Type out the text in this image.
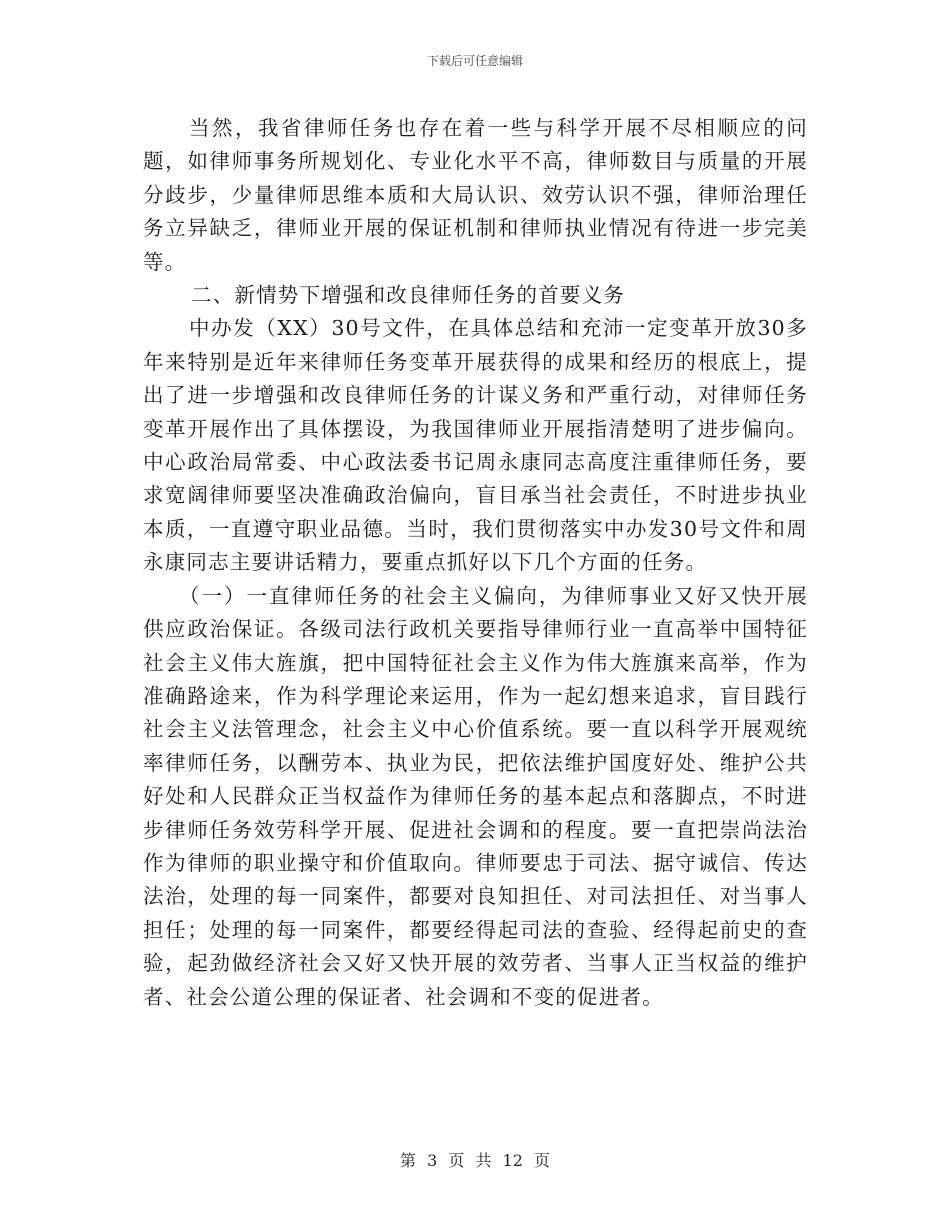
下载后可任意编辑

当然，我省律师任务也存在着一些与科学开展不尽相顺应的问题，如律师事务所规划化、专业化水平不高，律师数目与质量的开展分歧步，少量律师思维本质和大局认识、效劳认识不强，律师治理任务立异缺乏，律师业开展的保证机制和律师执业情况有待进一步完美等。

二、新情势下增强和改良律师任务的首要义务

中办发（XX）30号文件，在具体总结和充沛一定变革开放30多年来特别是近年来律师任务变革开展获得的成果和经历的根底上，提出了进一步增强和改良律师任务的计谋义务和严重行动，对律师任务变革开展作出了具体摆设，为我国律师业开展指清楚明了进步偏向。中心政治局常委、中心政法委书记周永康同志高度注重律师任务，要求宽阔律师要坚决准确政治偏向，盲目承当社会责任，不时进步执业本质，一直遵守职业品德。当时，我们贯彻落实中办发30号文件和周永康同志主要讲话精力，要重点抓好以下几个方面的任务。

（一）一直律师任务的社会主义偏向，为律师事业又好又快开展供应政治保证。各级司法行政机关要指导律师行业一直高举中国特征社会主义伟大旌旗，把中国特征社会主义作为伟大旌旗来高举，作为准确路途来，作为科学理论来运用，作为一起幻想来追求，盲目践行社会主义法管理念，社会主义中心价值系统。要一直以科学开展观统率律师任务，以酬劳本、执业为民，把依法维护国度好处、维护公共好处和人民群众正当权益作为律师任务的基本起点和落脚点，不时进步律师任务效劳科学开展、促进社会调和的程度。要一直把崇尚法治作为律师的职业操守和价值取向。律师要忠于司法、据守诚信、传达法治，处理的每一同案件，都要对良知担任、对司法担任、对当事人担任；处理的每一同案件，都要经得起司法的查验、经得起前史的查验，起劲做经济社会又好又快开展的效劳者、当事人正当权益的维护者、社会公道公理的保证者、社会调和不变的促进者。

第 3 页 共 12 页
